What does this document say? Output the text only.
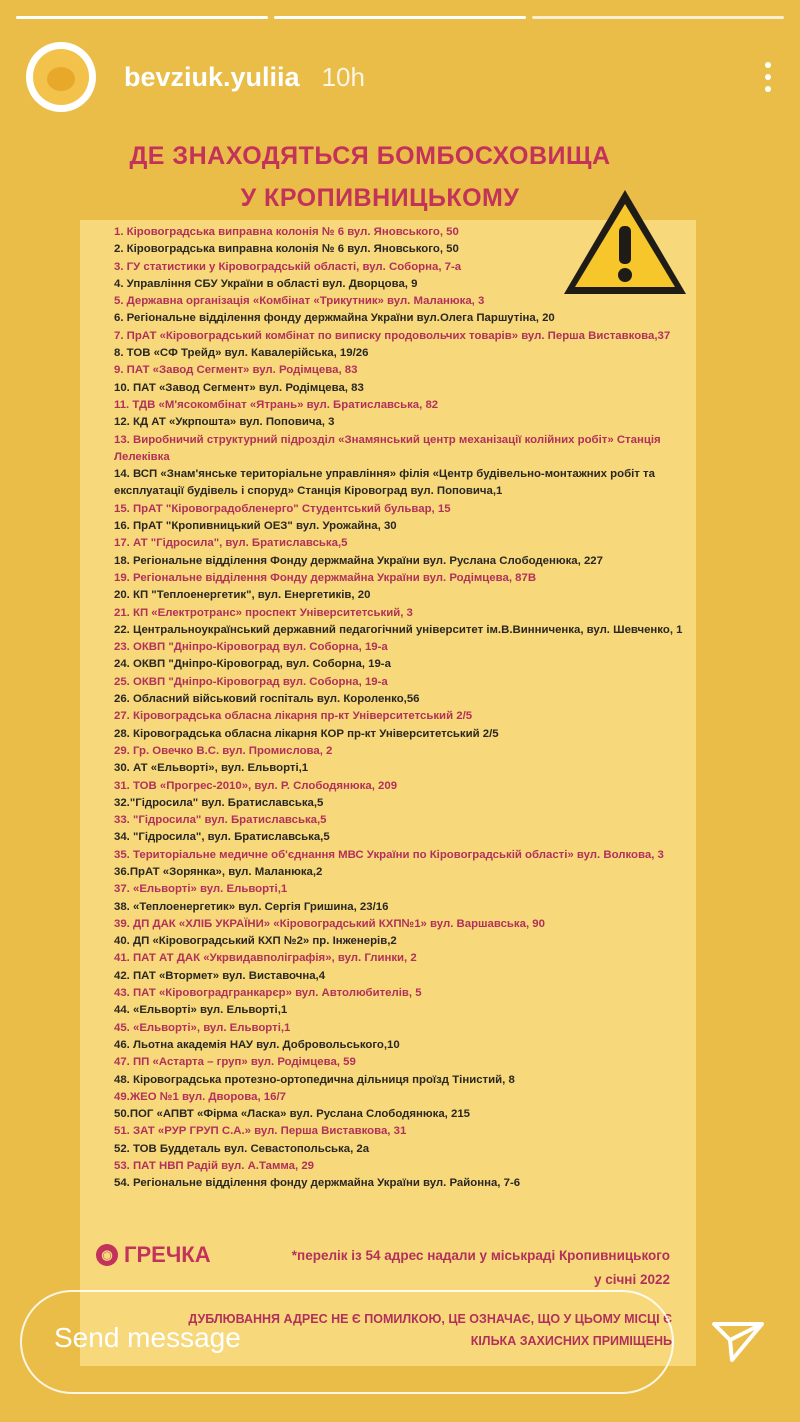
bevziuk.yuliia 10h
ДЕ ЗНАХОДЯТЬСЯ БОМБОСХОВИЩА
У КРОПИВНИЦЬКОМУ
1. Кіровоградська виправна колонія № 6 вул. Яновського, 50
2. Кіровоградська виправна колонія № 6 вул. Яновського, 50
3. ГУ статистики у Кіровоградській області, вул. Соборна, 7-а
4. Управління СБУ України в області вул. Дворцова, 9
5. Державна організація «Комбінат «Трикутник» вул. Маланюка, 3
6. Регіональне відділення фонду держмайна України вул.Олега Паршутіна, 20
7. ПрАТ «Кіровоградський комбінат по випиcку продовольчих товарів» вул. Перша Виставкова,37
8. ТОВ «СФ Трейд» вул. Кавалерійська, 19/26
9. ПАТ «Завод Сегмент» вул. Родімцева, 83
10. ПАТ «Завод Сегмент» вул. Родімцева, 83
11. ТДВ «М'ясокомбінат «Ятрань» вул. Братиславська, 82
12. КД АТ «Укрпошта» вул. Поповича, 3
13. Виробничий структурний підрозділ «Знамянський центр механізації колійних робіт» Станція Лелеківка
14. ВСП «Знам'янське територіальне управління» філія «Центр будівельно-монтажних робіт та експлуатації будівель і споруд» Станція Кіровоград вул. Поповича,1
15. ПрАТ "Кіровоградобленерго" Студентський бульвар, 15
16. ПрАТ "Кропивницький ОЕЗ" вул. Урожайна, 30
17. АТ "Гідросила", вул. Братиславська,5
18. Регіональне відділення Фонду держмайна України вул. Руслана Слободенюка, 227
19. Регіональне відділення Фонду держмайна України вул. Родімцева, 87В
20. КП "Теплоенергетик", вул. Енергетиків, 20
21. КП «Електротранс» проспект Університетський, 3
22. Центральноукраїнський державний педагогічний університет ім.В.Винниченка, вул. Шевченко, 1
23. ОКВП "Дніпро-Кіровоград вул. Соборна, 19-а
24. ОКВП "Дніпро-Кіровоград, вул. Соборна, 19-а
25. ОКВП "Дніпро-Кіровоград вул. Соборна, 19-а
26. Обласний військовий госпіталь вул. Короленко,56
27. Кіровоградська обласна лікарня пр-кт Університетський 2/5
28. Кіровоградська обласна лікарня КОР пр-кт Університетський 2/5
29. Гр. Овечко В.С. вул. Промислова, 2
30. АТ «Ельворті», вул. Ельворті,1
31. ТОВ «Прогрес-2010», вул. Р. Слободянюка, 209
32."Гідросила" вул. Братиславська,5
33. "Гідросила" вул. Братиславська,5
34. "Гідросила", вул. Братиславська,5
35. Територіальне медичне об'єднання МВС України по Кіровоградській області» вул. Волкова, 3
36.ПрАТ «Зорянка», вул. Маланюка,2
37. «Ельворті» вул. Ельворті,1
38. «Теплоенергетик» вул. Сергія Гришина, 23/16
39. ДП ДАК «ХЛІБ УКРАЇНИ» «Кіровоградський КХП№1» вул. Варшавська, 90
40. ДП «Кіровоградський КХП №2» пр. Інженерів,2
41. ПАТ АТ ДАК «Укрвидавполіграфія», вул. Глинки, 2
42. ПАТ «Втормет» вул. Виставочна,4
43. ПАТ «Кіровоградгранкарєр» вул. Автолюбителів, 5
44. «Ельворті» вул. Ельворті,1
45. «Ельворті», вул. Ельворті,1
46. Льотна академія НАУ вул. Добровольського,10
47. ПП «Астарта – груп» вул. Родімцева, 59
48. Кіровоградська протезно-ортопедична дільниця проїзд Тінистий, 8
49.ЖЕО №1 вул. Дворова, 16/7
50.ПОГ «АПВТ «Фірма «Ласка» вул. Руслана Слободянюка, 215
51. ЗАТ «РУР ГРУП С.А.» вул. Перша Виставкова, 31
52. ТОВ Буддеталь вул. Севастопольська, 2а
53. ПАТ НВП Радій вул. А.Тамма, 29
54. Регіональне відділення фонду держмайна України вул. Районна, 7-6
◉ ГРЕЧКА	*перелік із 54 адрес надали у міськраді Кропивницького
у січні 2022
ДУБЛЮВАННЯ АДРЕС НЕ Є ПОМИЛКОЮ, ЦЕ ОЗНАЧАЄ, ЩО У ЦЬОМУ МІСЦІ Є
КІЛЬКА ЗАХИСНИХ ПРИМІЩЕНЬ
Send message
